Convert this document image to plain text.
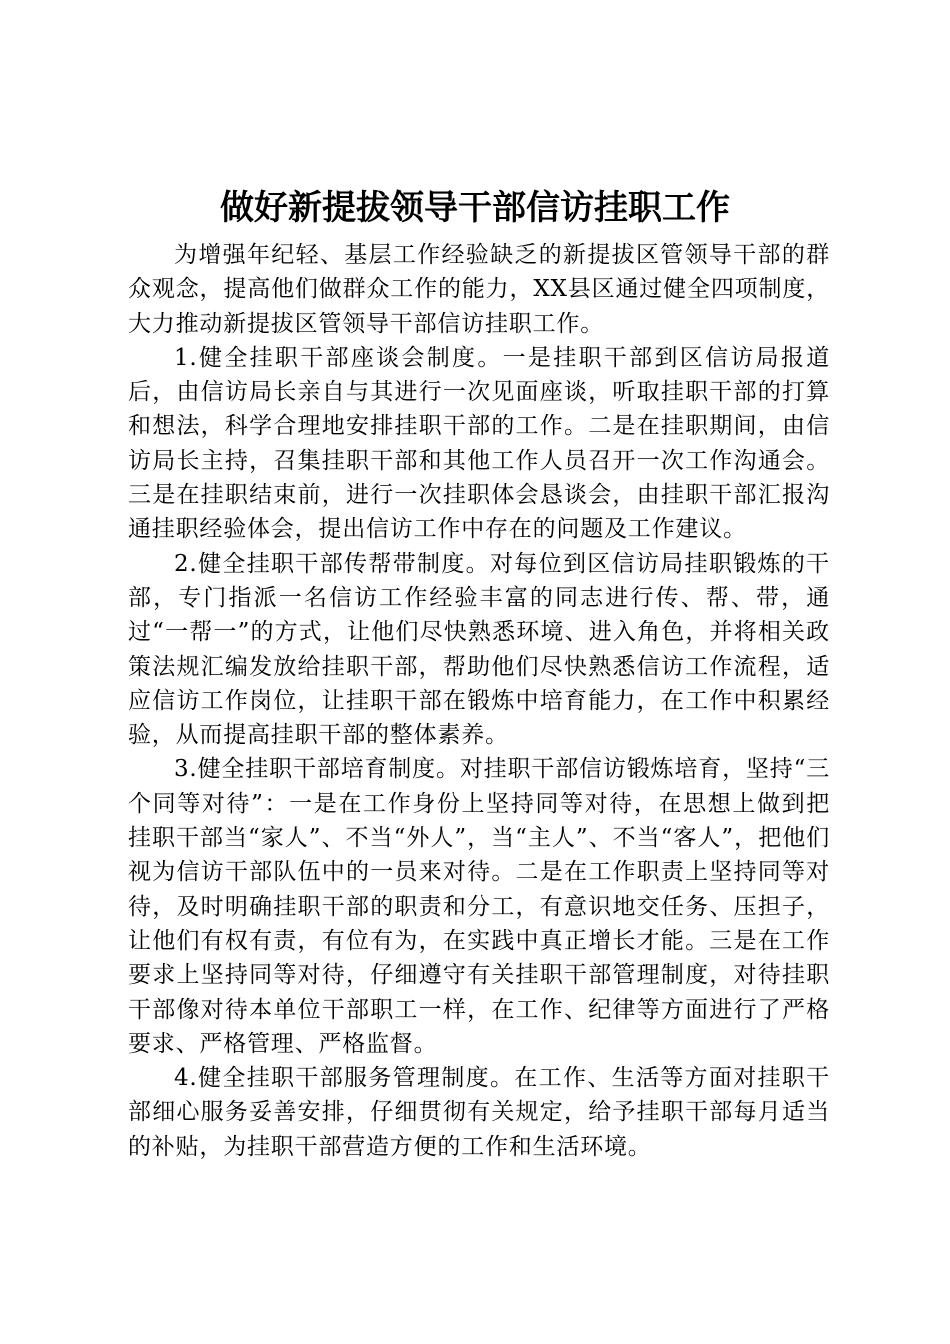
做好新提拔领导干部信访挂职工作

为增强年纪轻、基层工作经验缺乏的新提拔区管领导干部的群众观念，提高他们做群众工作的能力，XX县区通过健全四项制度，大力推动新提拔区管领导干部信访挂职工作。

1.健全挂职干部座谈会制度。一是挂职干部到区信访局报道后，由信访局长亲自与其进行一次见面座谈，听取挂职干部的打算和想法，科学合理地安排挂职干部的工作。二是在挂职期间，由信访局长主持，召集挂职干部和其他工作人员召开一次工作沟通会。三是在挂职结束前，进行一次挂职体会恳谈会，由挂职干部汇报沟通挂职经验体会，提出信访工作中存在的问题及工作建议。

2.健全挂职干部传帮带制度。对每位到区信访局挂职锻炼的干部，专门指派一名信访工作经验丰富的同志进行传、帮、带，通过“一帮一”的方式，让他们尽快熟悉环境、进入角色，并将相关政策法规汇编发放给挂职干部，帮助他们尽快熟悉信访工作流程，适应信访工作岗位，让挂职干部在锻炼中培育能力，在工作中积累经验，从而提高挂职干部的整体素养。

3.健全挂职干部培育制度。对挂职干部信访锻炼培育，坚持“三个同等对待”：一是在工作身份上坚持同等对待，在思想上做到把挂职干部当“家人”、不当“外人”，当“主人”、不当“客人”，把他们视为信访干部队伍中的一员来对待。二是在工作职责上坚持同等对待，及时明确挂职干部的职责和分工，有意识地交任务、压担子，让他们有权有责，有位有为，在实践中真正增长才能。三是在工作要求上坚持同等对待，仔细遵守有关挂职干部管理制度，对待挂职干部像对待本单位干部职工一样，在工作、纪律等方面进行了严格要求、严格管理、严格监督。

4.健全挂职干部服务管理制度。在工作、生活等方面对挂职干部细心服务妥善安排，仔细贯彻有关规定，给予挂职干部每月适当的补贴，为挂职干部营造方便的工作和生活环境。
